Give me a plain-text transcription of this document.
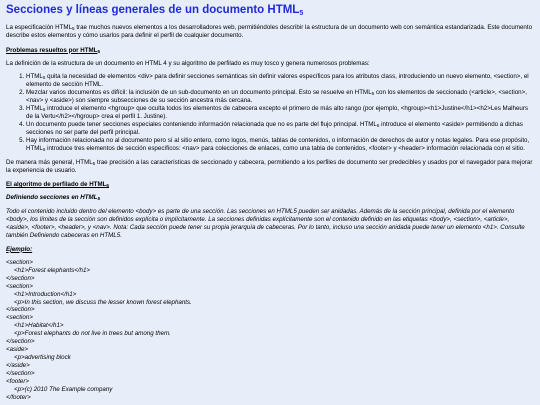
Secciones y líneas generales de un documento $HTML_5$

La especificación $HTML_5$ trae muchos nuevos elementos a los desarrolladores web, permitiéndoles describir la estructura de un documento web con semántica estandarizada. Este documento describe estos elementos y cómo usarlos para definir el perfil de cualquier documento.

Problemas resueltos por $HTML_5$

La definición de la estructura de un documento en HTML 4 y su algoritmo de perfilado es muy tosco y genera numerosos problemas:

1. $HTML_5$ quita la necesidad de elementos <div> para definir secciones semánticas sin definir valores específicos para los atributos class, introduciendo un nuevo elemento, <section>, el elemento de sección HTML.
2. Mezclar varios documentos es difícil: la inclusión de un sub-documento en un documento principal. Esto se resuelve en $HTML_5$ con los elementos de seccionado (<article>, <section>, <nav> y <aside>) son siempre subsecciones de su sección ancestra más cercana.
3. $HTML_5$ introduce el elemento <hgroup> que oculta todos los elementos de cabecera excepto el primero de más alto rango (por ejemplo, <hgroup><h1>Justine</h1><h2>Les Malheurs de la Vertu</h2></hgroup> crea el perfil 1. Justine).
4. Un documento puede tener secciones especiales conteniendo información relacionada que no es parte del flujo principal. $HTML_5$ introduce el elemento <aside> permitiendo a dichas secciones no ser parte del perfil principal.
5. Hay información relacionada no al documento pero sí al sitio entero, como logos, menús, tablas de contenidos, o información de derechos de autor y notas legales. Para ese propósito, $HTML_5$ introduce tres elementos de sección específicos: <nav> para colecciones de enlaces, como una tabla de contenidos, <footer> y <header> información relacionada con el sitio.

De manera más general, $HTML_5$ trae precisión a las características de seccionado y cabecera, permitiendo a los perfiles de documento ser predecibles y usados por el navegador para mejorar la experiencia de usuario.

El algoritmo de perfilado de $HTML_5$
Definiendo secciones en $HTML_5$

Todo el contenido incluido dentro del elemento <body> es parte de una sección. Las secciones en HTML5 pueden ser anidadas. Además de la sección principal, definida por el elemento <body>, los límites de la sección son definidos explícita o implícitamente. La secciones definidas explícitamente son el contenido definido en las etiquetas <body>, <section>, <article>, <aside>, <footer>, <header>, y <nav>. Nota: Cada sección puede tener su propia jerarquía de cabeceras. Por lo tanto, incluso una sección anidada puede tener un elemento <h1>. Consulte también Definiendo cabeceras en HTML5.

Ejemplo:
<section>
<h1>Forest elephants</h1>
</section>
<section>
<h1>Introduction</h1>
<p>In this section, we discuss the lesser known forest elephants.
</section>
<section>
<h1>Habitat</h1>
<p>Forest elephants do not live in trees but among them.
</section>
<aside>
<p>advertising block
</aside>
</section>
<footer>
<p>(c) 2010 The Example company
</footer>
